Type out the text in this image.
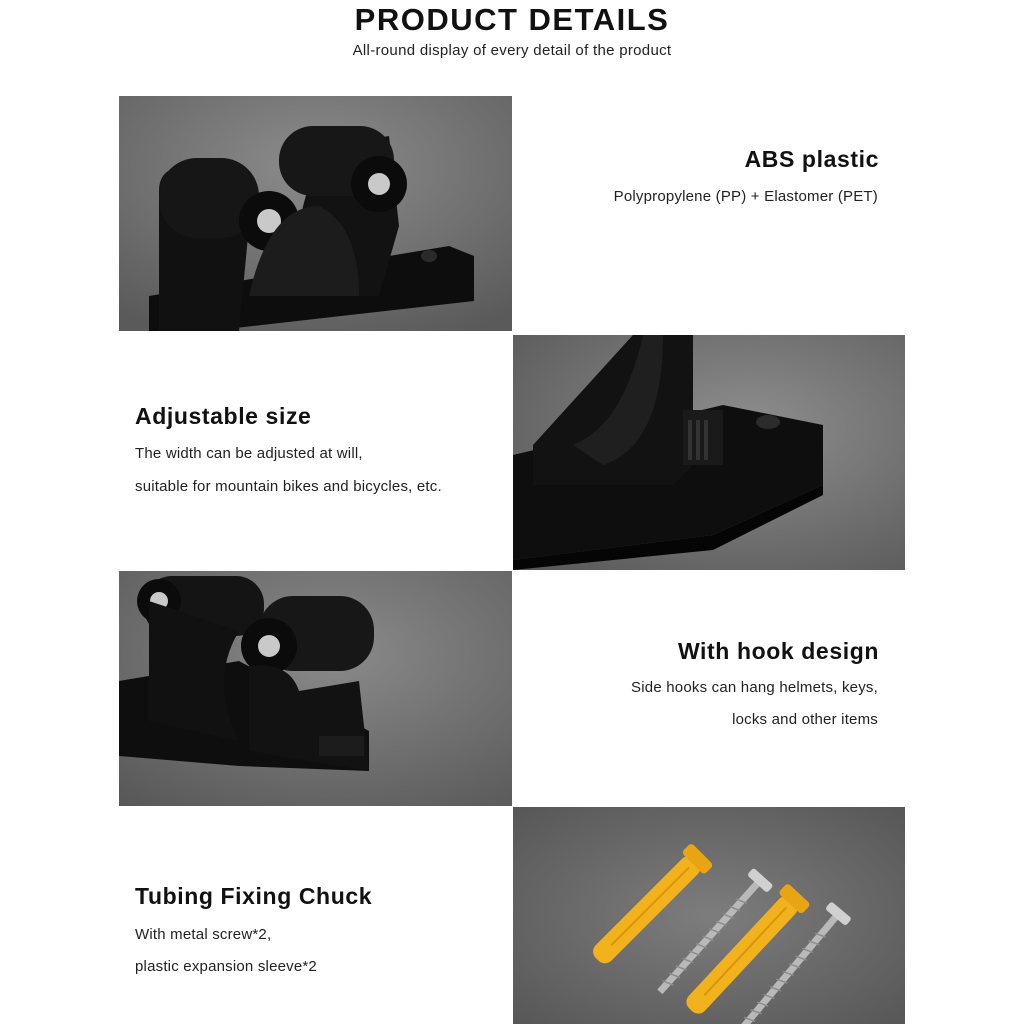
PRODUCT DETAILS
All-round display of every detail of the product
ABS plastic
Polypropylene (PP) + Elastomer (PET)
Adjustable size
The width can be adjusted at will,
suitable for mountain bikes and bicycles, etc.
With hook design
Side hooks can hang helmets, keys,
locks and other items
Tubing Fixing Chuck
With metal screw*2,
plastic expansion sleeve*2
